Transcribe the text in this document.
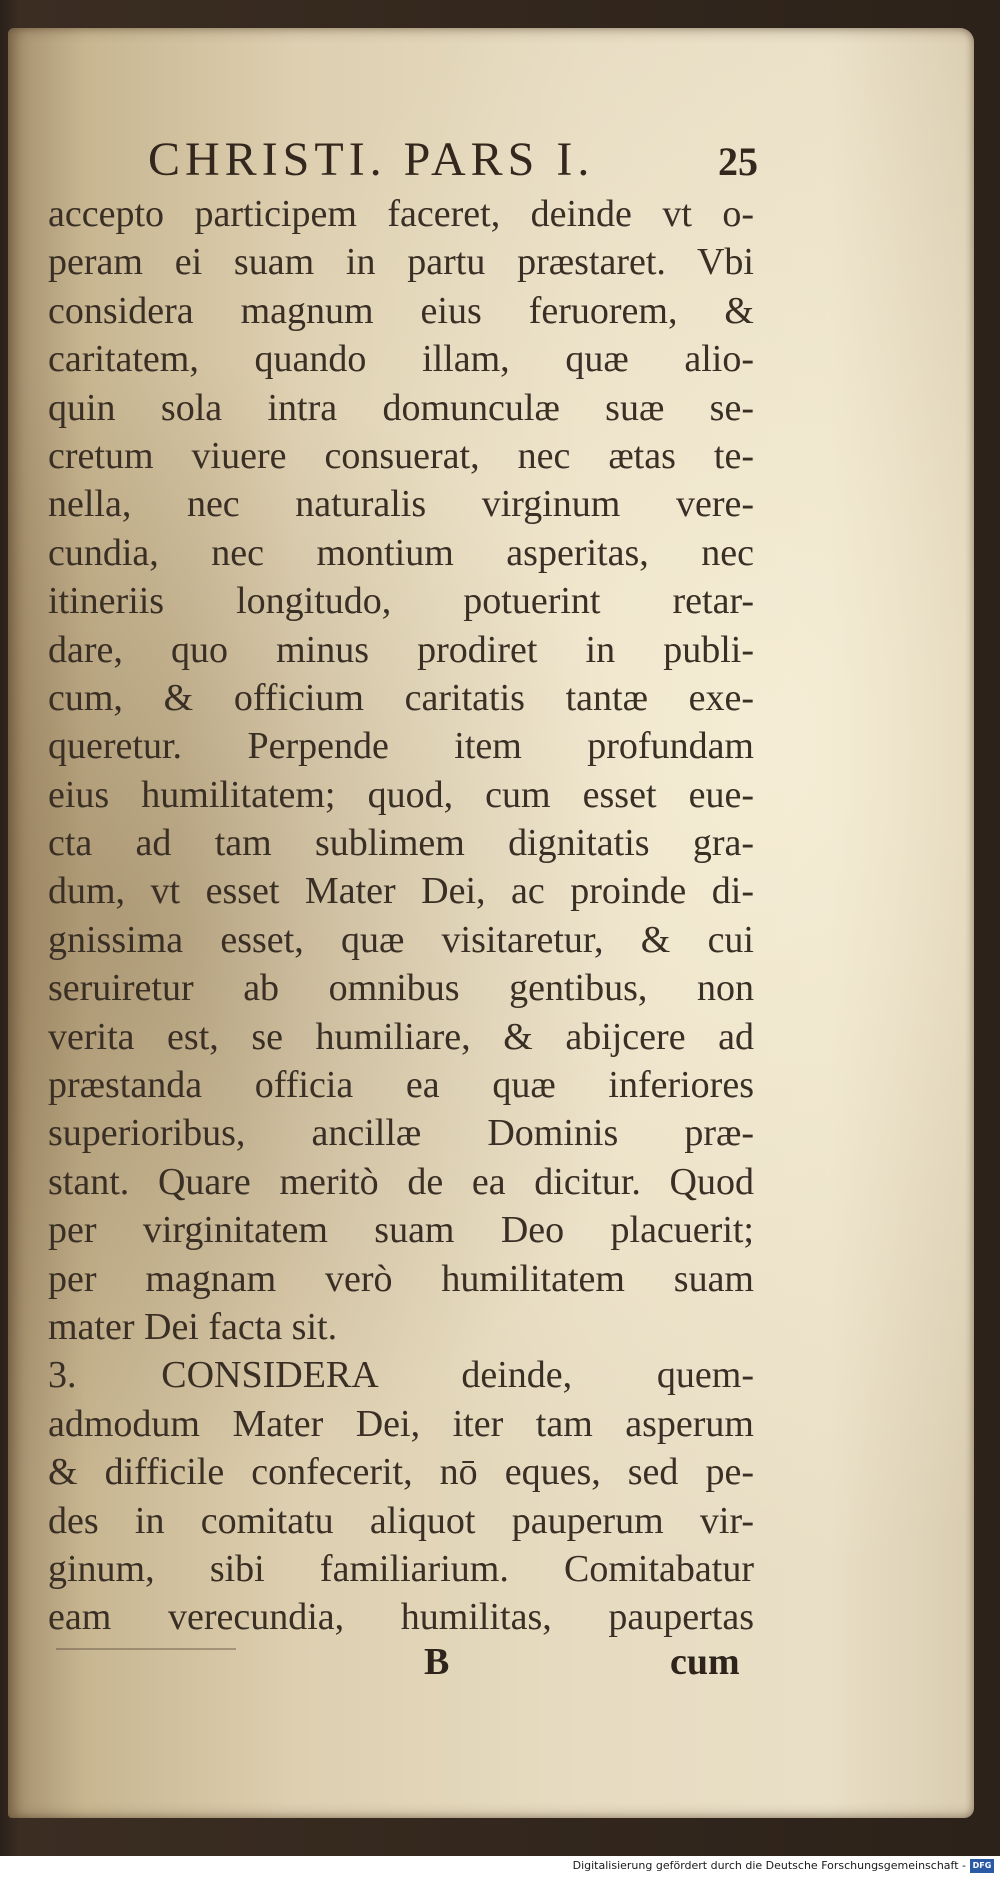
CHRISTI. PARS I.	25
accepto participem faceret, deinde vt o-
peram ei suam in partu præstaret. Vbi
considera magnum eius feruorem, &
caritatem, quando illam, quæ alio-
quin sola intra domunculæ suæ se-
cretum viuere consuerat, nec ætas te-
nella, nec naturalis virginum vere-
cundia, nec montium asperitas, nec
itineriis longitudo, potuerint retar-
dare, quo minus prodiret in publi-
cum, & officium caritatis tantæ exe-
queretur. Perpende item profundam
eius humilitatem; quod, cum esset eue-
cta ad tam sublimem dignitatis gra-
dum, vt esset Mater Dei, ac proinde di-
gnissima esset, quæ visitaretur, & cui
seruiretur ab omnibus gentibus, non
verita est, se humiliare, & abijcere ad
præstanda officia ea quæ inferiores
superioribus, ancillæ Dominis præ-
stant. Quare meritò de ea dicitur. Quod
per virginitatem suam Deo placuerit;
per magnam verò humilitatem suam
mater Dei facta sit.
3. CONSIDERA deinde, quem-
admodum Mater Dei, iter tam asperum
& difficile confecerit, nō eques, sed pe-
des in comitatu aliquot pauperum vir-
ginum, sibi familiarium. Comitabatur
eam verecundia, humilitas, paupertas
B	cum
Digitalisierung gefördert durch die Deutsche Forschungsgemeinschaft - DFG
